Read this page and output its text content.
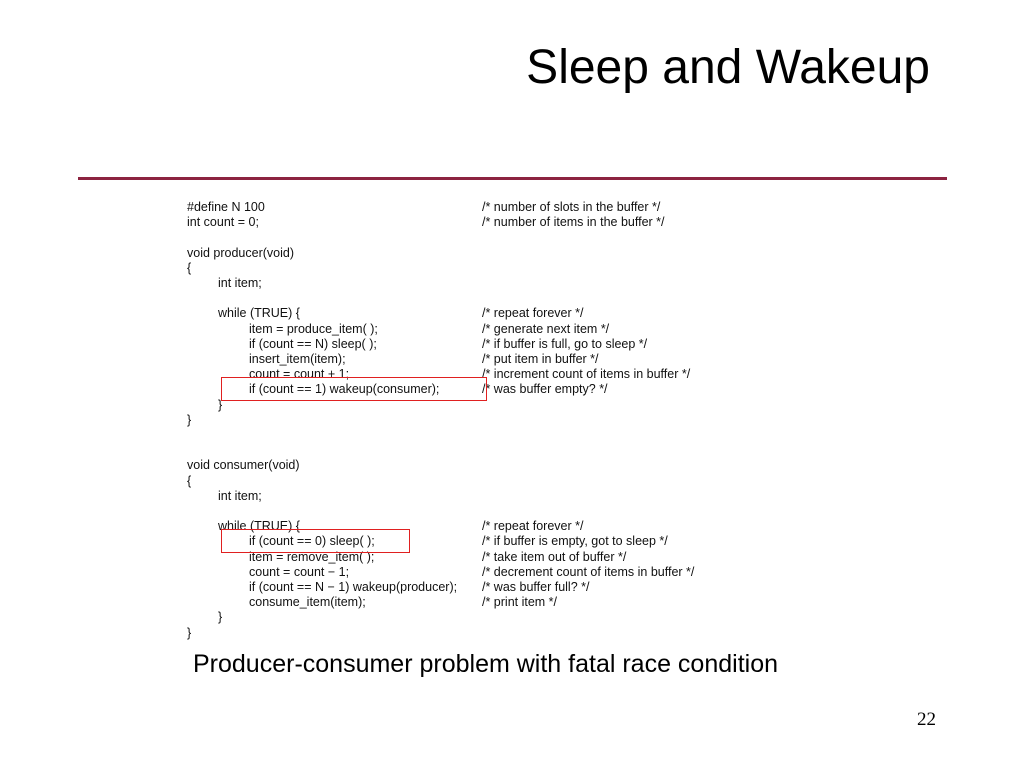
Sleep and Wakeup
#define N 100	/* number of slots in the buffer */
int count = 0;	/* number of items in the buffer */
void producer(void)
{
int item;
while (TRUE) {	/* repeat forever */
item = produce_item( );	/* generate next item */
if (count == N) sleep( );	/* if buffer is full, go to sleep */
insert_item(item);	/* put item in buffer */
count = count + 1;	/* increment count of items in buffer */
if (count == 1) wakeup(consumer);	/* was buffer empty? */
}
}
void consumer(void)
{
int item;
while (TRUE) {	/* repeat forever */
if (count == 0) sleep( );	/* if buffer is empty, got to sleep */
item = remove_item( );	/* take item out of buffer */
count = count − 1;	/* decrement count of items in buffer */
if (count == N − 1) wakeup(producer); /* was buffer full? */
consume_item(item);	/* print item */
}
}
Producer-consumer problem with fatal race condition
22
